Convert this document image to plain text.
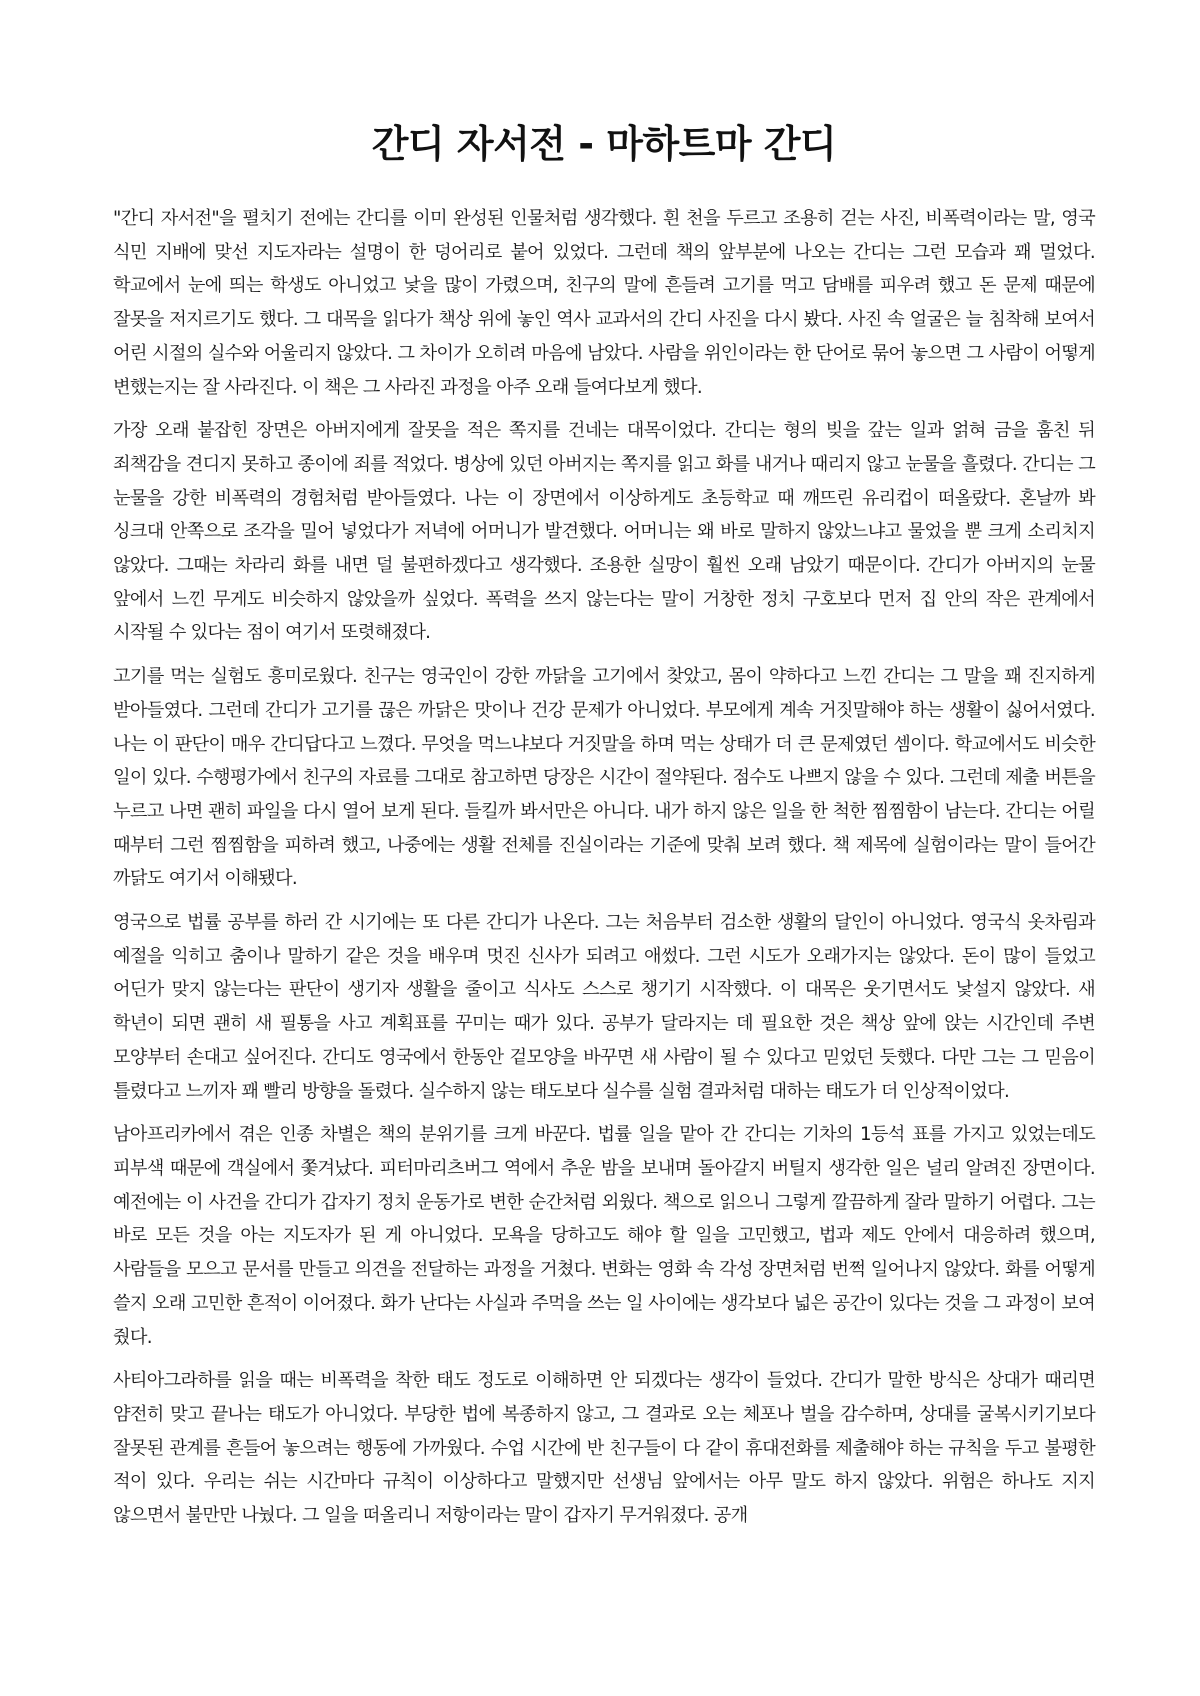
간디 자서전 - 마하트마 간디

"간디 자서전"을 펼치기 전에는 간디를 이미 완성된 인물처럼 생각했다. 흰 천을 두르고 조용히 걷는 사진, 비폭력이라는 말, 영국 식민 지배에 맞선 지도자라는 설명이 한 덩어리로 붙어 있었다. 그런데 책의 앞부분에 나오는 간디는 그런 모습과 꽤 멀었다. 학교에서 눈에 띄는 학생도 아니었고 낯을 많이 가렸으며, 친구의 말에 흔들려 고기를 먹고 담배를 피우려 했고 돈 문제 때문에 잘못을 저지르기도 했다. 그 대목을 읽다가 책상 위에 놓인 역사 교과서의 간디 사진을 다시 봤다. 사진 속 얼굴은 늘 침착해 보여서 어린 시절의 실수와 어울리지 않았다. 그 차이가 오히려 마음에 남았다. 사람을 위인이라는 한 단어로 묶어 놓으면 그 사람이 어떻게 변했는지는 잘 사라진다. 이 책은 그 사라진 과정을 아주 오래 들여다보게 했다.

가장 오래 붙잡힌 장면은 아버지에게 잘못을 적은 쪽지를 건네는 대목이었다. 간디는 형의 빚을 갚는 일과 얽혀 금을 훔친 뒤 죄책감을 견디지 못하고 종이에 죄를 적었다. 병상에 있던 아버지는 쪽지를 읽고 화를 내거나 때리지 않고 눈물을 흘렸다. 간디는 그 눈물을 강한 비폭력의 경험처럼 받아들였다. 나는 이 장면에서 이상하게도 초등학교 때 깨뜨린 유리컵이 떠올랐다. 혼날까 봐 싱크대 안쪽으로 조각을 밀어 넣었다가 저녁에 어머니가 발견했다. 어머니는 왜 바로 말하지 않았느냐고 물었을 뿐 크게 소리치지 않았다. 그때는 차라리 화를 내면 덜 불편하겠다고 생각했다. 조용한 실망이 훨씬 오래 남았기 때문이다. 간디가 아버지의 눈물 앞에서 느낀 무게도 비슷하지 않았을까 싶었다. 폭력을 쓰지 않는다는 말이 거창한 정치 구호보다 먼저 집 안의 작은 관계에서 시작될 수 있다는 점이 여기서 또렷해졌다.

고기를 먹는 실험도 흥미로웠다. 친구는 영국인이 강한 까닭을 고기에서 찾았고, 몸이 약하다고 느낀 간디는 그 말을 꽤 진지하게 받아들였다. 그런데 간디가 고기를 끊은 까닭은 맛이나 건강 문제가 아니었다. 부모에게 계속 거짓말해야 하는 생활이 싫어서였다. 나는 이 판단이 매우 간디답다고 느꼈다. 무엇을 먹느냐보다 거짓말을 하며 먹는 상태가 더 큰 문제였던 셈이다. 학교에서도 비슷한 일이 있다. 수행평가에서 친구의 자료를 그대로 참고하면 당장은 시간이 절약된다. 점수도 나쁘지 않을 수 있다. 그런데 제출 버튼을 누르고 나면 괜히 파일을 다시 열어 보게 된다. 들킬까 봐서만은 아니다. 내가 하지 않은 일을 한 척한 찜찜함이 남는다. 간디는 어릴 때부터 그런 찜찜함을 피하려 했고, 나중에는 생활 전체를 진실이라는 기준에 맞춰 보려 했다. 책 제목에 실험이라는 말이 들어간 까닭도 여기서 이해됐다.

영국으로 법률 공부를 하러 간 시기에는 또 다른 간디가 나온다. 그는 처음부터 검소한 생활의 달인이 아니었다. 영국식 옷차림과 예절을 익히고 춤이나 말하기 같은 것을 배우며 멋진 신사가 되려고 애썼다. 그런 시도가 오래가지는 않았다. 돈이 많이 들었고 어딘가 맞지 않는다는 판단이 생기자 생활을 줄이고 식사도 스스로 챙기기 시작했다. 이 대목은 웃기면서도 낯설지 않았다. 새 학년이 되면 괜히 새 필통을 사고 계획표를 꾸미는 때가 있다. 공부가 달라지는 데 필요한 것은 책상 앞에 앉는 시간인데 주변 모양부터 손대고 싶어진다. 간디도 영국에서 한동안 겉모양을 바꾸면 새 사람이 될 수 있다고 믿었던 듯했다. 다만 그는 그 믿음이 틀렸다고 느끼자 꽤 빨리 방향을 돌렸다. 실수하지 않는 태도보다 실수를 실험 결과처럼 대하는 태도가 더 인상적이었다.

남아프리카에서 겪은 인종 차별은 책의 분위기를 크게 바꾼다. 법률 일을 맡아 간 간디는 기차의 1등석 표를 가지고 있었는데도 피부색 때문에 객실에서 쫓겨났다. 피터마리츠버그 역에서 추운 밤을 보내며 돌아갈지 버틸지 생각한 일은 널리 알려진 장면이다. 예전에는 이 사건을 간디가 갑자기 정치 운동가로 변한 순간처럼 외웠다. 책으로 읽으니 그렇게 깔끔하게 잘라 말하기 어렵다. 그는 바로 모든 것을 아는 지도자가 된 게 아니었다. 모욕을 당하고도 해야 할 일을 고민했고, 법과 제도 안에서 대응하려 했으며, 사람들을 모으고 문서를 만들고 의견을 전달하는 과정을 거쳤다. 변화는 영화 속 각성 장면처럼 번쩍 일어나지 않았다. 화를 어떻게 쓸지 오래 고민한 흔적이 이어졌다. 화가 난다는 사실과 주먹을 쓰는 일 사이에는 생각보다 넓은 공간이 있다는 것을 그 과정이 보여 줬다.

사티아그라하를 읽을 때는 비폭력을 착한 태도 정도로 이해하면 안 되겠다는 생각이 들었다. 간디가 말한 방식은 상대가 때리면 얌전히 맞고 끝나는 태도가 아니었다. 부당한 법에 복종하지 않고, 그 결과로 오는 체포나 벌을 감수하며, 상대를 굴복시키기보다 잘못된 관계를 흔들어 놓으려는 행동에 가까웠다. 수업 시간에 반 친구들이 다 같이 휴대전화를 제출해야 하는 규칙을 두고 불평한 적이 있다. 우리는 쉬는 시간마다 규칙이 이상하다고 말했지만 선생님 앞에서는 아무 말도 하지 않았다. 위험은 하나도 지지 않으면서 불만만 나눴다. 그 일을 떠올리니 저항이라는 말이 갑자기 무거워졌다. 공개
